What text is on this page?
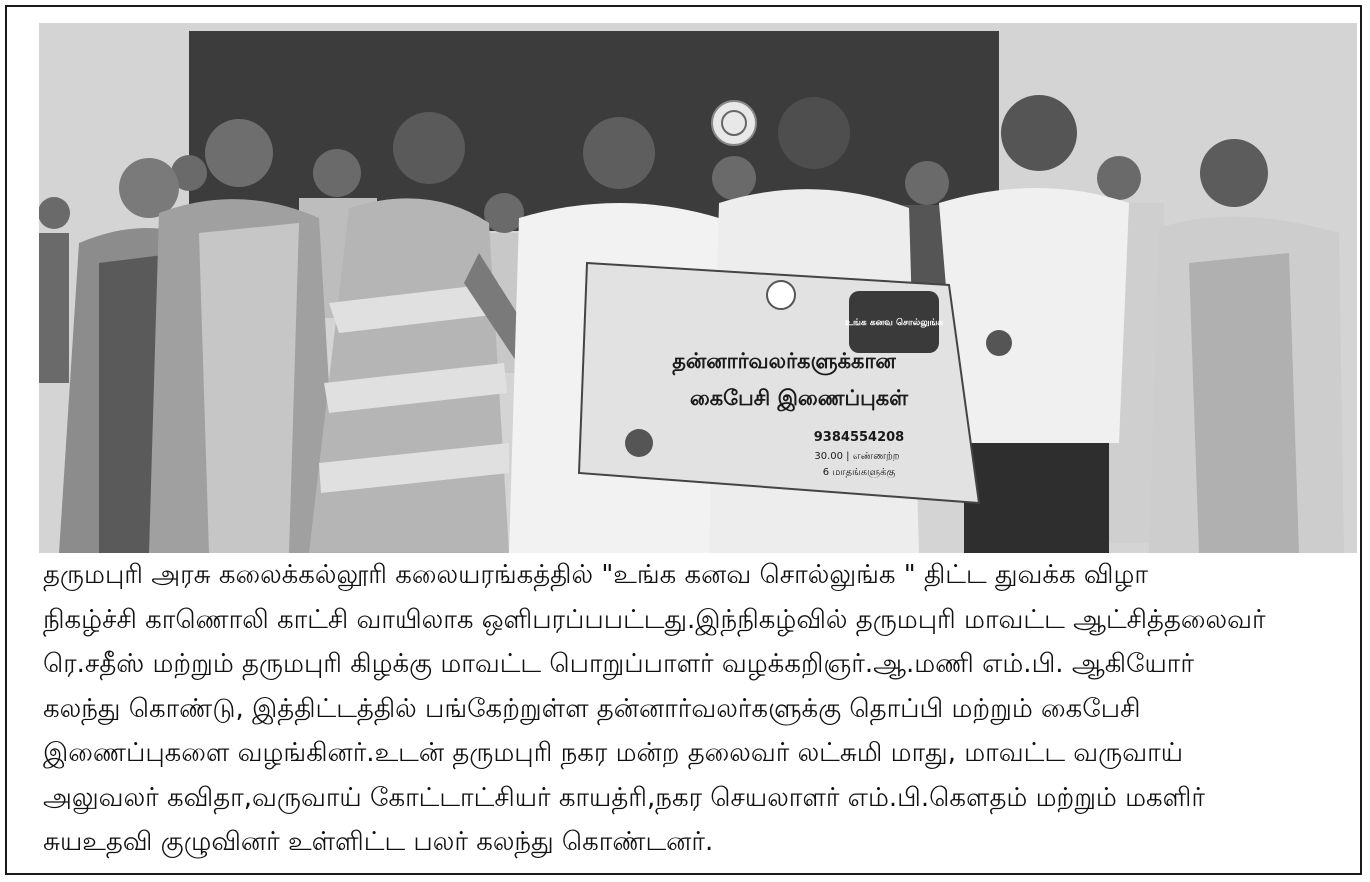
உங்க கனவ சொல்லுங்க
தன்னார்வலர்களுக்கான
கைபேசி இணைப்புகள்
9384554208
30.00 | எண்ணற்ற
6 மாதங்களுக்கு
தருமபுரி அரசு கலைக்கல்லூரி கலையரங்கத்தில் "உங்க கனவ சொல்லுங்க " திட்ட துவக்க விழா
நிகழ்ச்சி காணொலி காட்சி வாயிலாக ஒளிபரப்பபட்டது.இந்நிகழ்வில் தருமபுரி மாவட்ட ஆட்சித்தலைவர்
ரெ.சதீஸ் மற்றும் தருமபுரி கிழக்கு மாவட்ட பொறுப்பாளர் வழக்கறிஞர்.ஆ.மணி எம்.பி. ஆகியோர்
கலந்து கொண்டு, இத்திட்டத்தில் பங்கேற்றுள்ள தன்னார்வலர்களுக்கு தொப்பி மற்றும் கைபேசி
இணைப்புகளை வழங்கினர்.உடன் தருமபுரி நகர மன்ற தலைவர் லட்சுமி மாது, மாவட்ட வருவாய்
அலுவலர் கவிதா,வருவாய் கோட்டாட்சியர் காயத்ரி,நகர செயலாளர் எம்.பி.கௌதம் மற்றும் மகளிர்
சுயஉதவி குழுவினர் உள்ளிட்ட பலர் கலந்து கொண்டனர்.
